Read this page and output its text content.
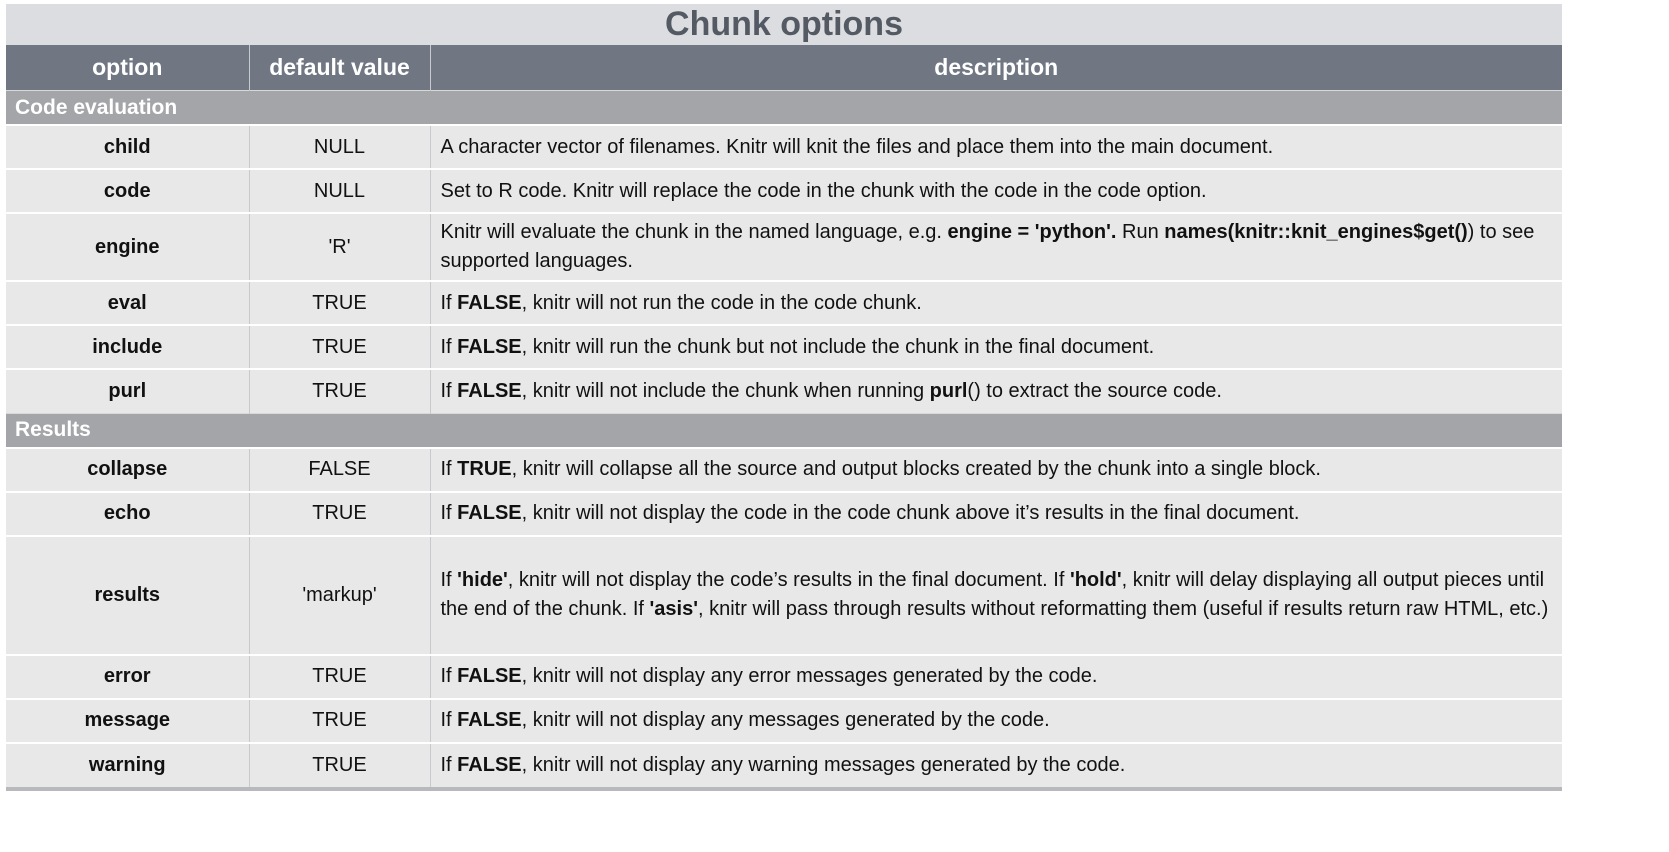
Chunk options
option	default value	description
Code evaluation		
child	NULL	A character vector of filenames. Knitr will knit the files and place them into the main document.
code	NULL	Set to R code. Knitr will replace the code in the chunk with the code in the code option.
engine	'R'	Knitr will evaluate the chunk in the named language, e.g. engine = 'python'. Run names(knitr::knit_engines$get()) to see supported languages.
eval	TRUE	If FALSE, knitr will not run the code in the code chunk.
include	TRUE	If FALSE, knitr will run the chunk but not include the chunk in the final document.
purl	TRUE	If FALSE, knitr will not include the chunk when running purl() to extract the source code.
Results		
collapse	FALSE	If TRUE, knitr will collapse all the source and output blocks created by the chunk into a single block.
echo	TRUE	If FALSE, knitr will not display the code in the code chunk above it’s results in the final document.
results	'markup'	If 'hide', knitr will not display the code’s results in the final document. If 'hold', knitr will delay displaying all output pieces until the end of the chunk. If 'asis', knitr will pass through results without reformatting them (useful if results return raw HTML, etc.)
error	TRUE	If FALSE, knitr will not display any error messages generated by the code.
message	TRUE	If FALSE, knitr will not display any messages generated by the code.
warning	TRUE	If FALSE, knitr will not display any warning messages generated by the code.
